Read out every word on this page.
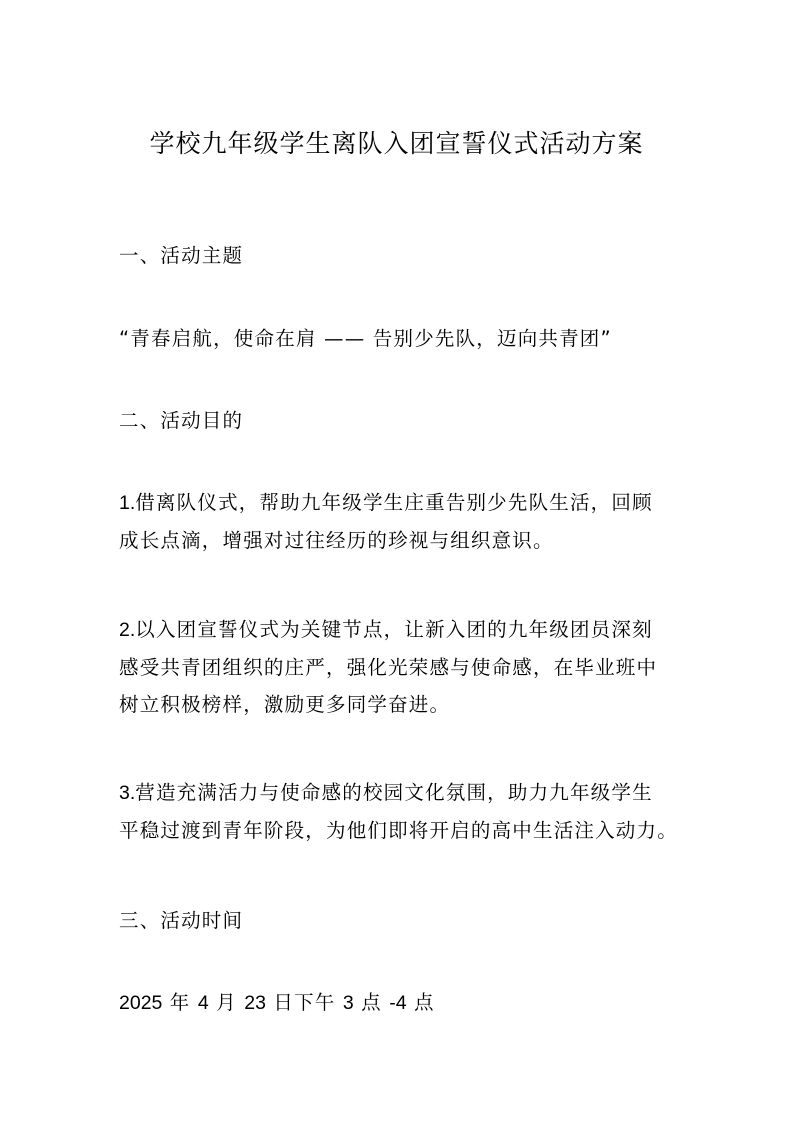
学校九年级学生离队入团宣誓仪式活动方案

一、活动主题

“青春启航，使命在肩 —— 告别少先队，迈向共青团”

二、活动目的

1.借离队仪式，帮助九年级学生庄重告别少先队生活，回顾
成长点滴，增强对过往经历的珍视与组织意识。
2.以入团宣誓仪式为关键节点，让新入团的九年级团员深刻
感受共青团组织的庄严，强化光荣感与使命感，在毕业班中
树立积极榜样，激励更多同学奋进。
3.营造充满活力与使命感的校园文化氛围，助力九年级学生
平稳过渡到青年阶段，为他们即将开启的高中生活注入动力。

三、活动时间

2025 年 4 月 23 日下午 3 点 -4 点
